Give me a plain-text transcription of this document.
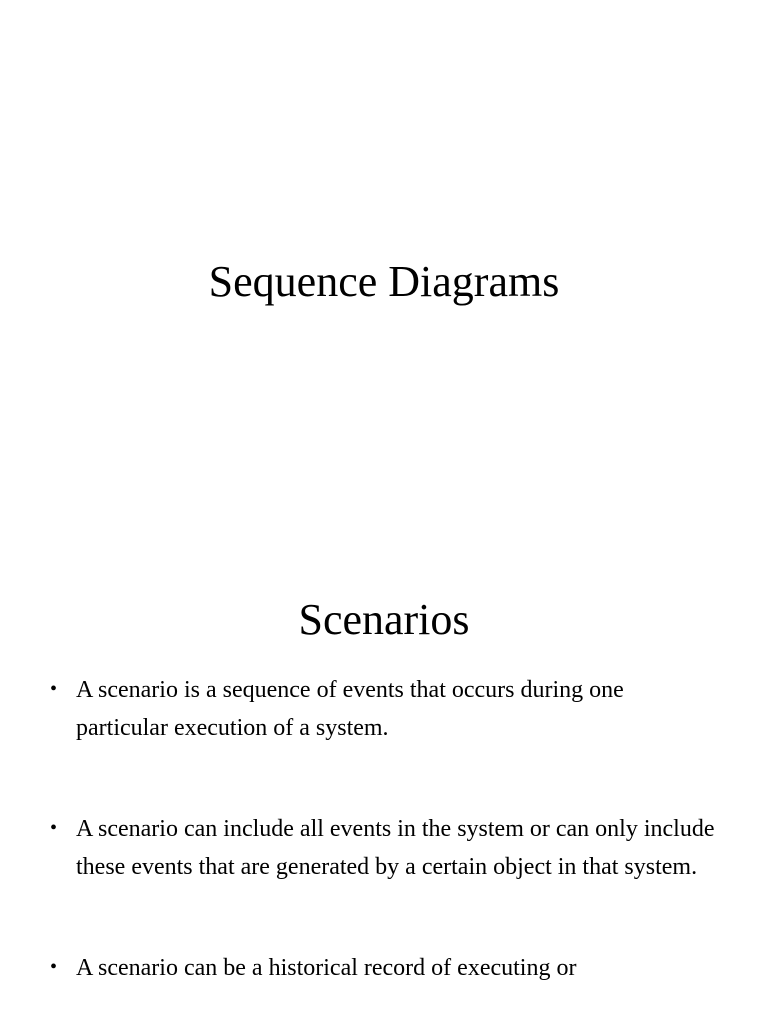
Sequence Diagrams
Scenarios
• A scenario is a sequence of events that occurs during one particular execution of a system.
• A scenario can include all events in the system or can only include these events that are generated by a certain object in that system.
• A scenario can be a historical record of executing or
